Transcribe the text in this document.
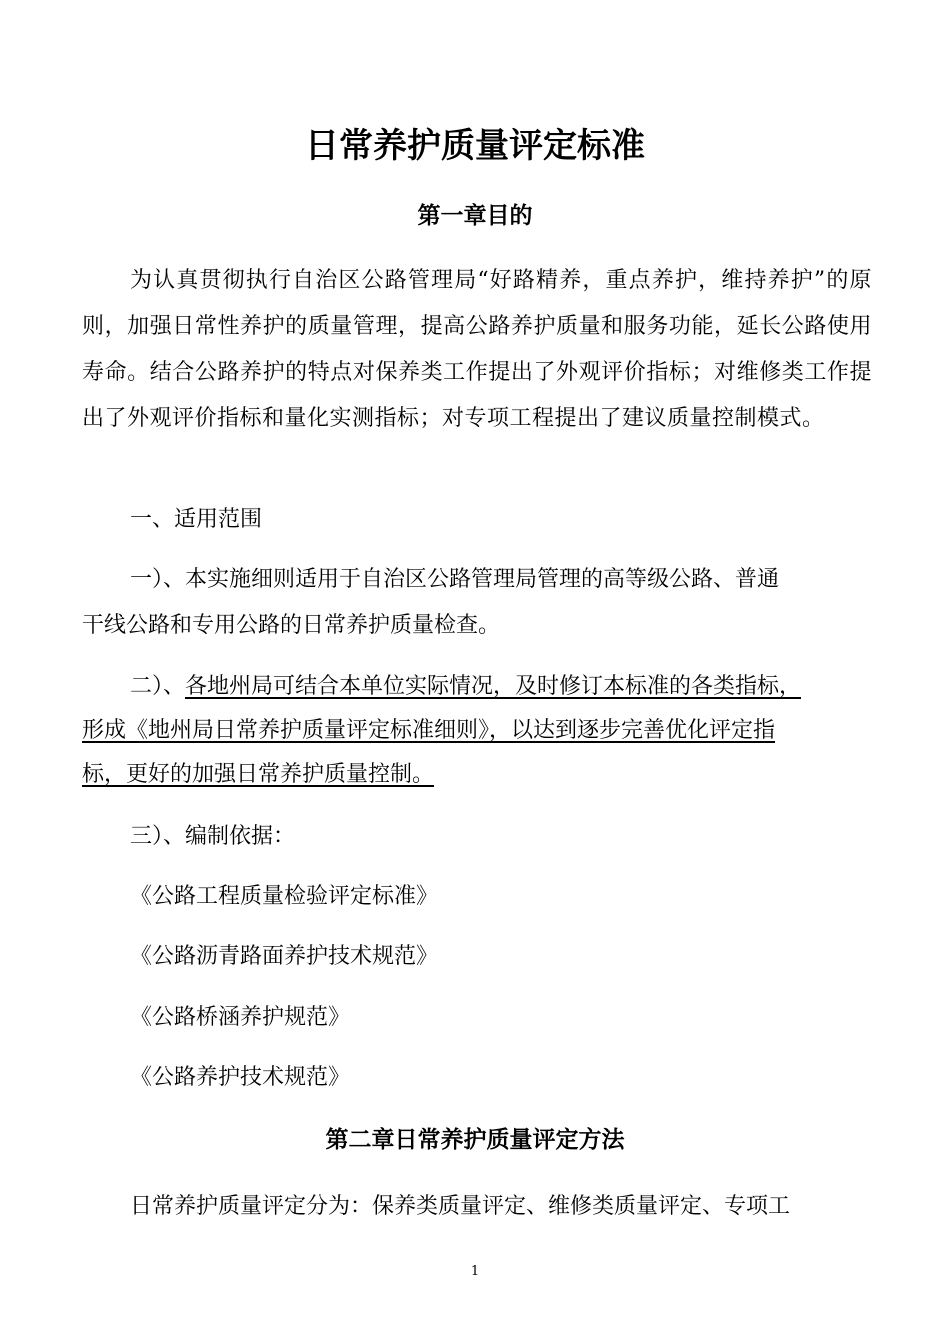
日常养护质量评定标准
第一章目的
为认真贯彻执行自治区公路管理局“好路精养，重点养护，维持养护”的原则，加强日常性养护的质量管理，提高公路养护质量和服务功能，延长公路使用寿命。结合公路养护的特点对保养类工作提出了外观评价指标；对维修类工作提出了外观评价指标和量化实测指标；对专项工程提出了建议质量控制模式。
一、适用范围
一）、本实施细则适用于自治区公路管理局管理的高等级公路、普通
干线公路和专用公路的日常养护质量检查。
二）、各地州局可结合本单位实际情况，及时修订本标准的各类指标，
形成《地州局日常养护质量评定标准细则》，以达到逐步完善优化评定指
标，更好的加强日常养护质量控制。
三）、编制依据：
《公路工程质量检验评定标准》
《公路沥青路面养护技术规范》
《公路桥涵养护规范》
《公路养护技术规范》
第二章日常养护质量评定方法
日常养护质量评定分为：保养类质量评定、维修类质量评定、专项工
1
